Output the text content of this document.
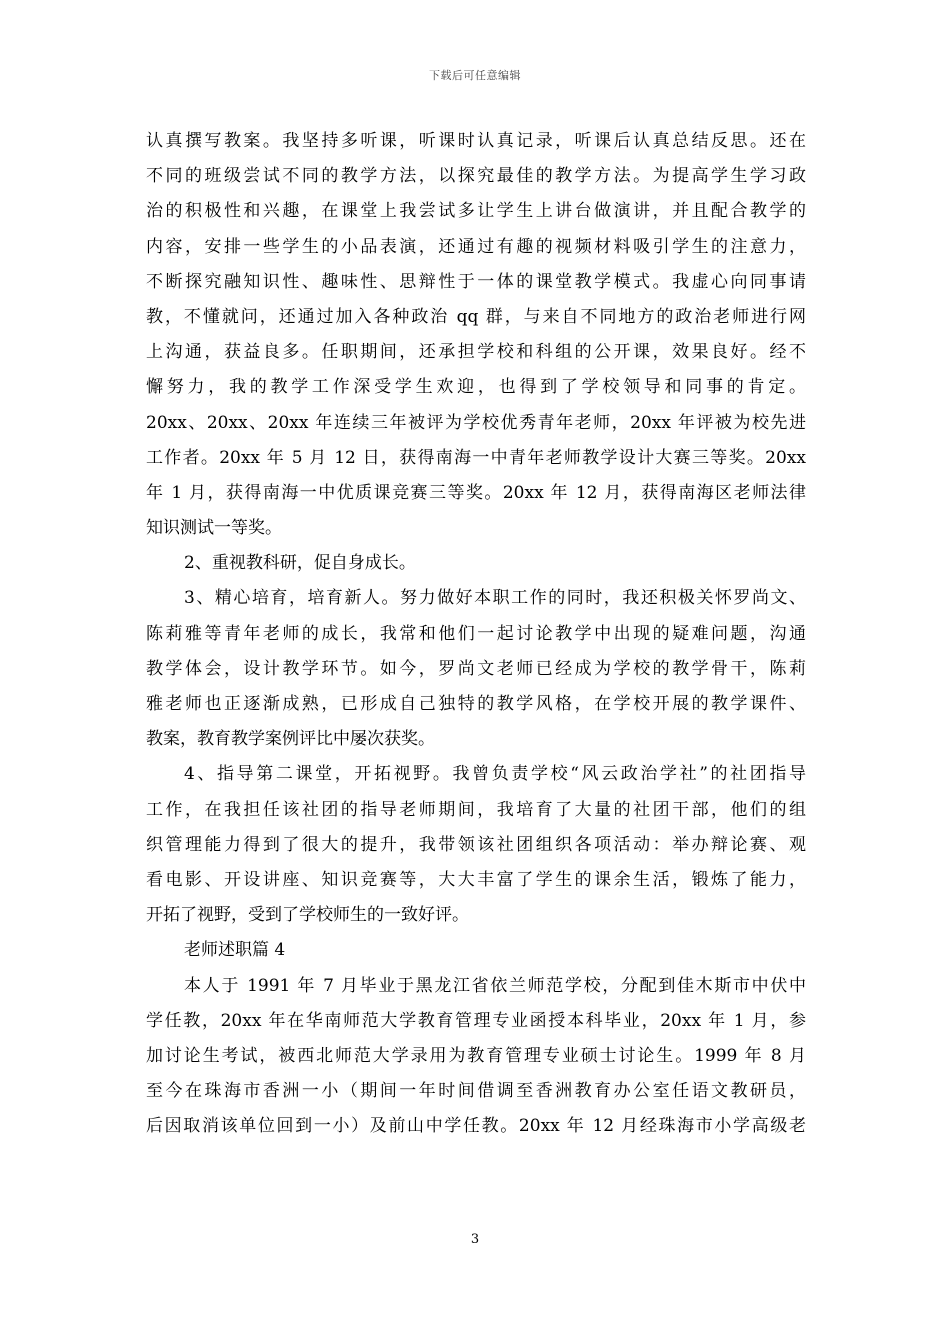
下载后可任意编辑
认真撰写教案。我坚持多听课，听课时认真记录，听课后认真总结反思。还在
不同的班级尝试不同的教学方法，以探究最佳的教学方法。为提高学生学习政
治的积极性和兴趣，在课堂上我尝试多让学生上讲台做演讲，并且配合教学的
内容，安排一些学生的小品表演，还通过有趣的视频材料吸引学生的注意力，
不断探究融知识性、趣味性、思辩性于一体的课堂教学模式。我虚心向同事请
教，不懂就问，还通过加入各种政治 qq 群，与来自不同地方的政治老师进行网
上沟通，获益良多。任职期间，还承担学校和科组的公开课，效果良好。经不
懈努力，我的教学工作深受学生欢迎，也得到了学校领导和同事的肯定。
20xx、20xx、20xx 年连续三年被评为学校优秀青年老师，20xx 年评被为校先进
工作者。20xx 年 5 月 12 日，获得南海一中青年老师教学设计大赛三等奖。20xx
年 1 月，获得南海一中优质课竞赛三等奖。20xx 年 12 月，获得南海区老师法律
知识测试一等奖。
2、重视教科研，促自身成长。
3、精心培育，培育新人。努力做好本职工作的同时，我还积极关怀罗尚文、
陈莉雅等青年老师的成长，我常和他们一起讨论教学中出现的疑难问题，沟通
教学体会，设计教学环节。如今，罗尚文老师已经成为学校的教学骨干，陈莉
雅老师也正逐渐成熟，已形成自己独特的教学风格，在学校开展的教学课件、
教案，教育教学案例评比中屡次获奖。
4、指导第二课堂，开拓视野。我曾负责学校“风云政治学社”的社团指导
工作，在我担任该社团的指导老师期间，我培育了大量的社团干部，他们的组
织管理能力得到了很大的提升，我带领该社团组织各项活动：举办辩论赛、观
看电影、开设讲座、知识竞赛等，大大丰富了学生的课余生活，锻炼了能力，
开拓了视野，受到了学校师生的一致好评。
老师述职篇 4
本人于 1991 年 7 月毕业于黑龙江省依兰师范学校，分配到佳木斯市中伏中
学任教，20xx 年在华南师范大学教育管理专业函授本科毕业，20xx 年 1 月，参
加讨论生考试，被西北师范大学录用为教育管理专业硕士讨论生。1999 年 8 月
至今在珠海市香洲一小（期间一年时间借调至香洲教育办公室任语文教研员，
后因取消该单位回到一小）及前山中学任教。20xx 年 12 月经珠海市小学高级老
3
